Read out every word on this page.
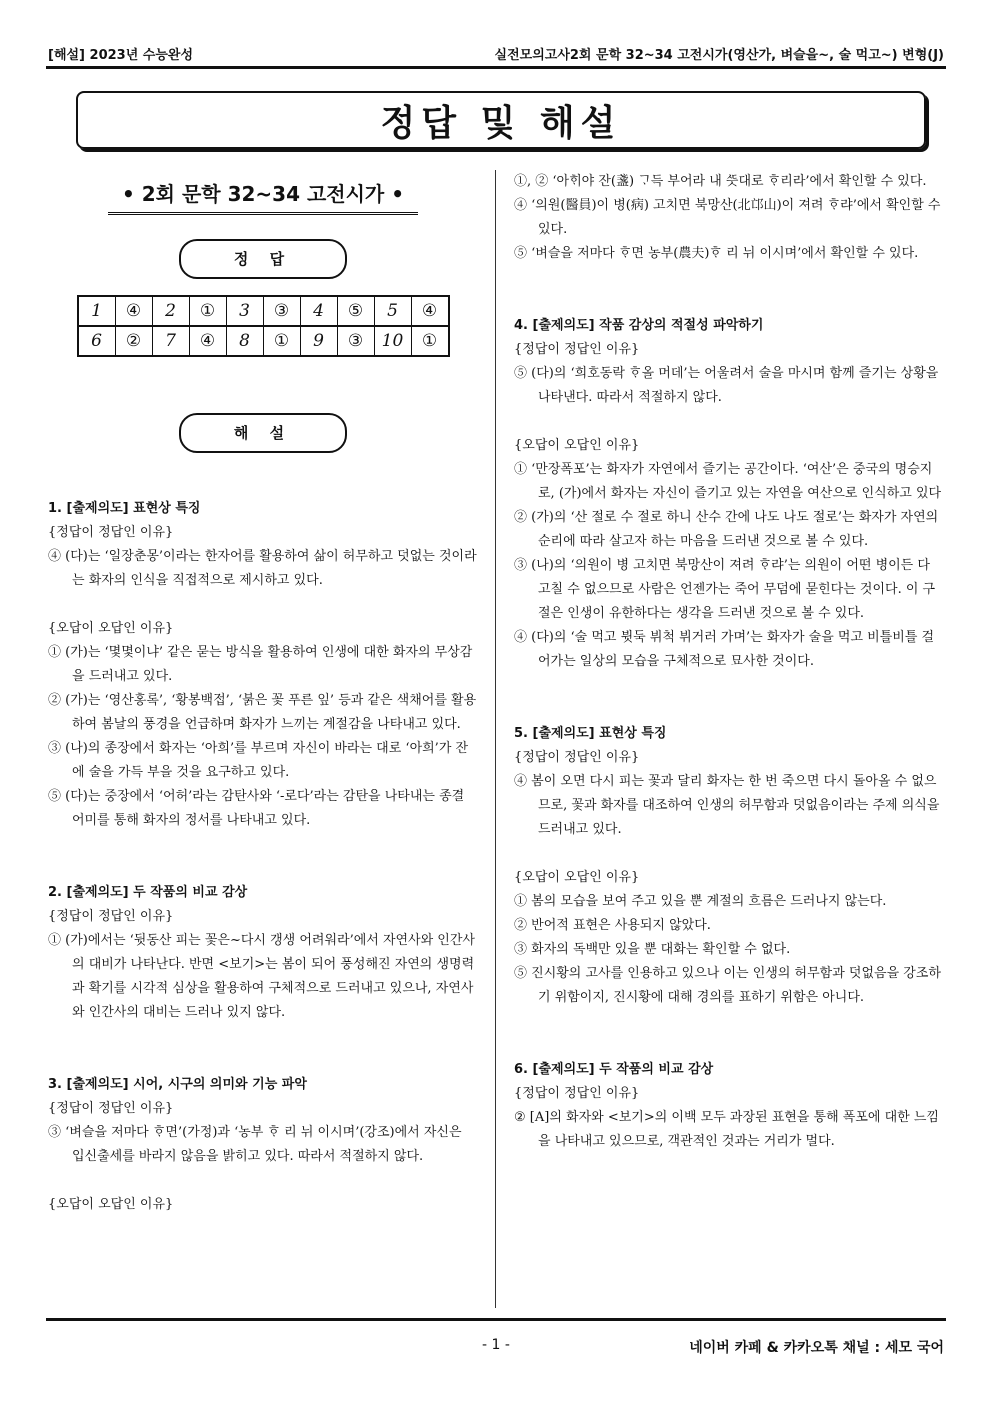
[해설] 2023년 수능완성	실전모의고사2회 문학 32~34 고전시가(영산가, 벼슬을~, 술 먹고~) 변형(J)
정답 및 해설
• 2회 문학 32~34 고전시가 •
정 답
1	④	2	①	3	③	4	⑤	5	④
6	②	7	④	8	①	9	③	10	①
해 설

1. [출제의도] 표현상 특징

{정답이 정답인 이유}

④ (다)는 ‘일장춘몽’이라는 한자어를 활용하여 삶이 허무하고 덧없는 것이라는 화자의 인식을 직접적으로 제시하고 있다.

{오답이 오답인 이유}

① (가)는 ‘몇몇이냐’ 같은 묻는 방식을 활용하여 인생에 대한 화자의 무상감을 드러내고 있다.

② (가)는 ‘영산홍록’, ‘황봉백접’, ‘붉은 꽃 푸른 잎’ 등과 같은 색채어를 활용하여 봄날의 풍경을 언급하며 화자가 느끼는 계절감을 나타내고 있다.

③ (나)의 종장에서 화자는 ‘아희’를 부르며 자신이 바라는 대로 ‘아희’가 잔에 술을 가득 부을 것을 요구하고 있다.

⑤ (다)는 중장에서 ‘어허’라는 감탄사와 ‘-로다’라는 감탄을 나타내는 종결 어미를 통해 화자의 정서를 나타내고 있다.

2. [출제의도] 두 작품의 비교 감상

{정답이 정답인 이유}

① (가)에서는 ‘뒷동산 피는 꽃은~다시 갱생 어려워라’에서 자연사와 인간사의 대비가 나타난다. 반면 <보기>는 봄이 되어 풍성해진 자연의 생명력과 확기를 시각적 심상을 활용하여 구체적으로 드러내고 있으나, 자연사와 인간사의 대비는 드러나 있지 않다.

3. [출제의도] 시어, 시구의 의미와 기능 파악

{정답이 정답인 이유}

③ ‘벼슬을 저마다 ᄒᆞ면’(가정)과 ‘농부 ᄒᆞ 리 뉘 이시며’(강조)에서 자신은 입신출세를 바라지 않음을 밝히고 있다. 따라서 적절하지 않다.

{오답이 오답인 이유}

①, ② ‘아ᄒᆡ야 잔(盞) ᄀᆞ득 부어라 내 ᄯᅳᆺ대로 ᄒᆞ리라’에서 확인할 수 있다.

④ ‘의원(醫員)이 병(病) 고치면 북망산(北邙山)이 져려 ᄒᆞ랴’에서 확인할 수 있다.

⑤ ‘벼슬을 저마다 ᄒᆞ면 농부(農夫)ᄒᆞ 리 뉘 이시며’에서 확인할 수 있다.

4. [출제의도] 작품 감상의 적절성 파악하기

{정답이 정답인 이유}

⑤ (다)의 ‘희호동락 ᄒᆞ올 머데’는 어울려서 술을 마시며 함께 즐기는 상황을 나타낸다. 따라서 적절하지 않다.

{오답이 오답인 이유}

① ‘만장폭포’는 화자가 자연에서 즐기는 공간이다. ‘여산’은 중국의 명승지로, (가)에서 화자는 자신이 즐기고 있는 자연을 여산으로 인식하고 있다

② (가)의 ‘산 절로 수 절로 하니 산수 간에 나도 나도 절로’는 화자가 자연의 순리에 따라 살고자 하는 마음을 드러낸 것으로 볼 수 있다.

③ (나)의 ‘의원이 병 고치면 북망산이 져려 ᄒᆞ랴’는 의원이 어떤 병이든 다 고칠 수 없으므로 사람은 언젠가는 죽어 무덤에 묻힌다는 것이다. 이 구절은 인생이 유한하다는 생각을 드러낸 것으로 볼 수 있다.

④ (다)의 ‘술 먹고 뷧둑 뷔척 뷔거러 가며’는 화자가 술을 먹고 비틀비틀 걸어가는 일상의 모습을 구체적으로 묘사한 것이다.

5. [출제의도] 표현상 특징

{정답이 정답인 이유}

④ 봄이 오면 다시 피는 꽃과 달리 화자는 한 번 죽으면 다시 돌아올 수 없으므로, 꽃과 화자를 대조하여 인생의 허무함과 덧없음이라는 주제 의식을 드러내고 있다.

{오답이 오답인 이유}

① 봄의 모습을 보여 주고 있을 뿐 계절의 흐름은 드러나지 않는다.

② 반어적 표현은 사용되지 않았다.

③ 화자의 독백만 있을 뿐 대화는 확인할 수 없다.

⑤ 진시황의 고사를 인용하고 있으나 이는 인생의 허무함과 덧없음을 강조하기 위함이지, 진시황에 대해 경의를 표하기 위함은 아니다.

6. [출제의도] 두 작품의 비교 감상

{정답이 정답인 이유}

② [A]의 화자와 <보기>의 이백 모두 과장된 표현을 통해 폭포에 대한 느낌을 나타내고 있으므로, 객관적인 것과는 거리가 멀다.

- 1 -	네이버 카페 & 카카오톡 채널 : 세모 국어
